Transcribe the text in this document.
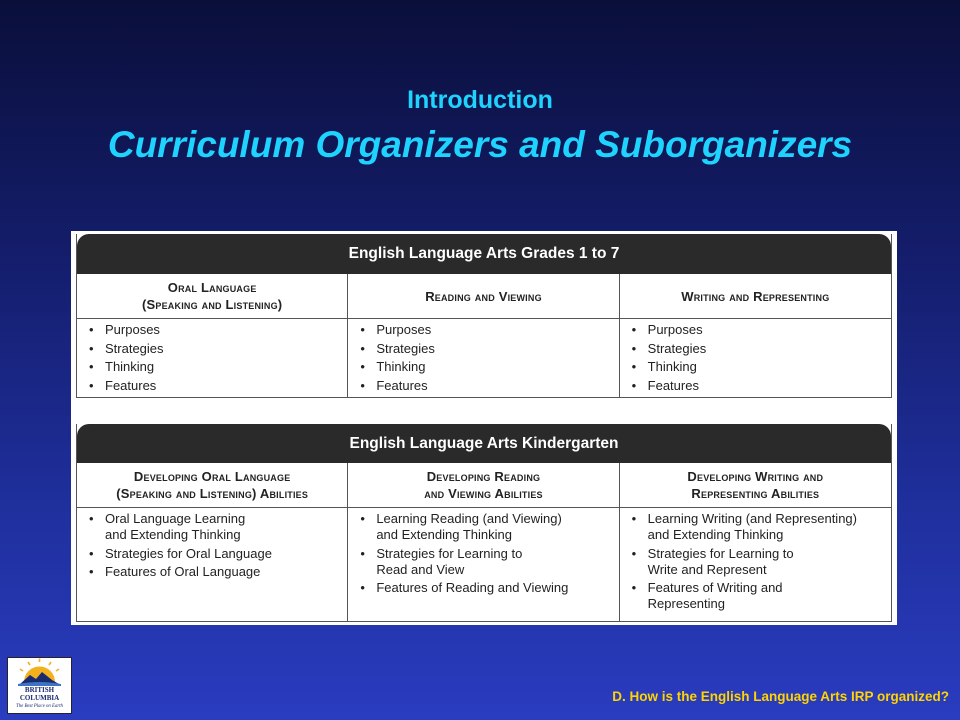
Introduction
Curriculum Organizers and Suborganizers
English Language Arts Grades 1 to 7
Oral Language
(Speaking and Listening)
Reading and Viewing	Writing and Representing
• Purposes
• Strategies
• Thinking
• Features
• Purposes
• Strategies
• Thinking
• Features
• Purposes
• Strategies
• Thinking
• Features
English Language Arts Kindergarten
Developing Oral Language
(Speaking and Listening) Abilities
Developing Reading
and Viewing Abilities
Developing Writing and
Representing Abilities
• Oral Language Learning
and Extending Thinking
• Strategies for Oral Language
• Features of Oral Language
• Learning Reading (and Viewing)
and Extending Thinking
• Strategies for Learning to
Read and View
• Features of Reading and Viewing
• Learning Writing (and Representing)
and Extending Thinking
• Strategies for Learning to
Write and Represent
• Features of Writing and
Representing
BRITISH
COLUMBIA
The Best Place on Earth
D. How is the English Language Arts IRP organized?
